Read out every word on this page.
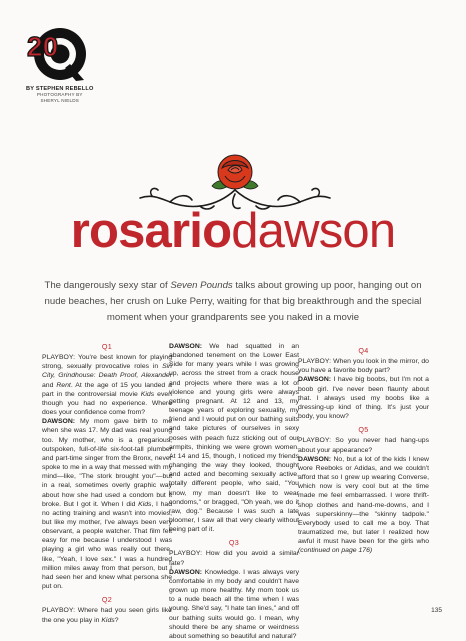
20
BY STEPHEN REBELLO
PHOTOGRAPHY BY
SHERYL NIELDS
rosariodawson
The dangerously sexy star of Seven Pounds talks about growing up poor, hanging out on nude beaches, her crush on Luke Perry, waiting for that big breakthrough and the special moment when your grandparents see you naked in a movie
Q1

PLAYBOY: You're best known for playing strong, sexually provocative roles in Sin City, Grindhouse: Death Proof, Alexander and Rent. At the age of 15 you landed a part in the controversial movie Kids even though you had no experience. Where does your confidence come from?

DAWSON: My mom gave birth to me when she was 17. My dad was real young too. My mother, who is a gregarious, outspoken, full-of-life six-foot-tall plumber and part-time singer from the Bronx, never spoke to me in a way that messed with my mind—like, "The stork brought you"—but in a real, sometimes overly graphic way about how she had used a condom but it broke. But I got it. When I did Kids, I had no acting training and wasn't into movies, but like my mother, I've always been very observant, a people watcher. That film felt easy for me because I understood I was playing a girl who was really out there, like, "Yeah, I love sex." I was a hundred million miles away from that person, but I had seen her and knew what persona she put on.

Q2

PLAYBOY: Where had you seen girls like the one you play in Kids?

DAWSON: We had squatted in an abandoned tenement on the Lower East Side for many years while I was growing up, across the street from a crack house and projects where there was a lot of violence and young girls were always getting pregnant. At 12 and 13, my teenage years of exploring sexuality, my friend and I would put on our bathing suits and take pictures of ourselves in sexy poses with peach fuzz sticking out of our armpits, thinking we were grown women. At 14 and 15, though, I noticed my friends changing the way they looked, thought and acted and becoming sexually active, totally different people, who said, "You know, my man doesn't like to wear condoms," or bragged, "Oh yeah, we do it raw, dog." Because I was such a late bloomer, I saw all that very clearly without being part of it.

Q3

PLAYBOY: How did you avoid a similar fate?

DAWSON: Knowledge. I was always very comfortable in my body and couldn't have grown up more healthy. My mom took us to a nude beach all the time when I was young. She'd say, "I hate tan lines," and off our bathing suits would go. I mean, why should there be any shame or weirdness about something so beautiful and natural?

Q4

PLAYBOY: When you look in the mirror, do you have a favorite body part?

DAWSON: I have big boobs, but I'm not a boob girl. I've never been flaunty about that. I always used my boobs like a dressing-up kind of thing. It's just your body, you know?

Q5

PLAYBOY: So you never had hang-ups about your appearance?

DAWSON: No, but a lot of the kids I knew wore Reeboks or Adidas, and we couldn't afford that so I grew up wearing Converse, which now is very cool but at the time made me feel embarrassed. I wore thrift-shop clothes and hand-me-downs, and I was superskinny—the "skinny tadpole." Everybody used to call me a boy. That traumatized me, but later I realized how awful it must have been for the girls who (continued on page 176)

135
